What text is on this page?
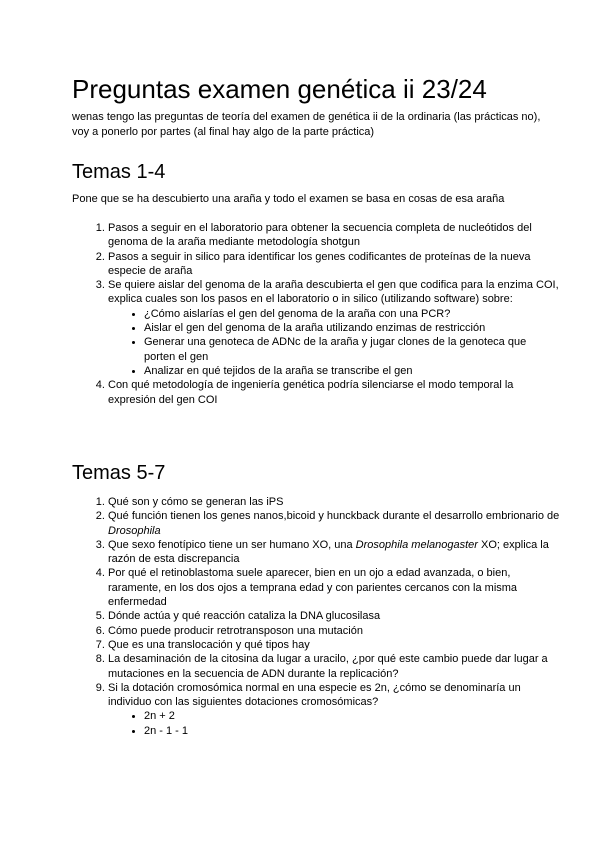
Preguntas examen genética ii 23/24

wenas tengo las preguntas de teoría del examen de genética ii de la ordinaria (las prácticas no), voy a ponerlo por partes (al final hay algo de la parte práctica)

Temas 1-4

Pone que se ha descubierto una araña y todo el examen se basa en cosas de esa araña

1. Pasos a seguir en el laboratorio para obtener la secuencia completa de nucleótidos del genoma de la araña mediante metodología shotgun
2. Pasos a seguir in silico para identificar los genes codificantes de proteínas de la nueva especie de araña
3. Se quiere aislar del genoma de la araña descubierta el gen que codifica para la enzima COI, explica cuales son los pasos en el laboratorio o in silico (utilizando software) sobre:
• ¿Cómo aislarías el gen del genoma de la araña con una PCR?
• Aislar el gen del genoma de la araña utilizando enzimas de restricción
• Generar una genoteca de ADNc de la araña y jugar clones de la genoteca que porten el gen
• Analizar en qué tejidos de la araña se transcribe el gen
4. Con qué metodología de ingeniería genética podría silenciarse el modo temporal la expresión del gen COI
Temas 5-7
1. Qué son y cómo se generan las iPS
2. Qué función tienen los genes nanos,bicoid y hunckback durante el desarrollo embrionario de Drosophila
3. Que sexo fenotípico tiene un ser humano XO, una Drosophila melanogaster XO; explica la razón de esta discrepancia
4. Por qué el retinoblastoma suele aparecer, bien en un ojo a edad avanzada, o bien, raramente, en los dos ojos a temprana edad y con parientes cercanos con la misma enfermedad
5. Dónde actúa y qué reacción cataliza la DNA glucosilasa
6. Cómo puede producir retrotransposon una mutación
7. Que es una translocación y qué tipos hay
8. La desaminación de la citosina da lugar a uracilo, ¿por qué este cambio puede dar lugar a mutaciones en la secuencia de ADN durante la replicación?
9. Si la dotación cromosómica normal en una especie es 2n, ¿cómo se denominaría un individuo con las siguientes dotaciones cromosómicas?
• 2n + 2
• 2n - 1 - 1
